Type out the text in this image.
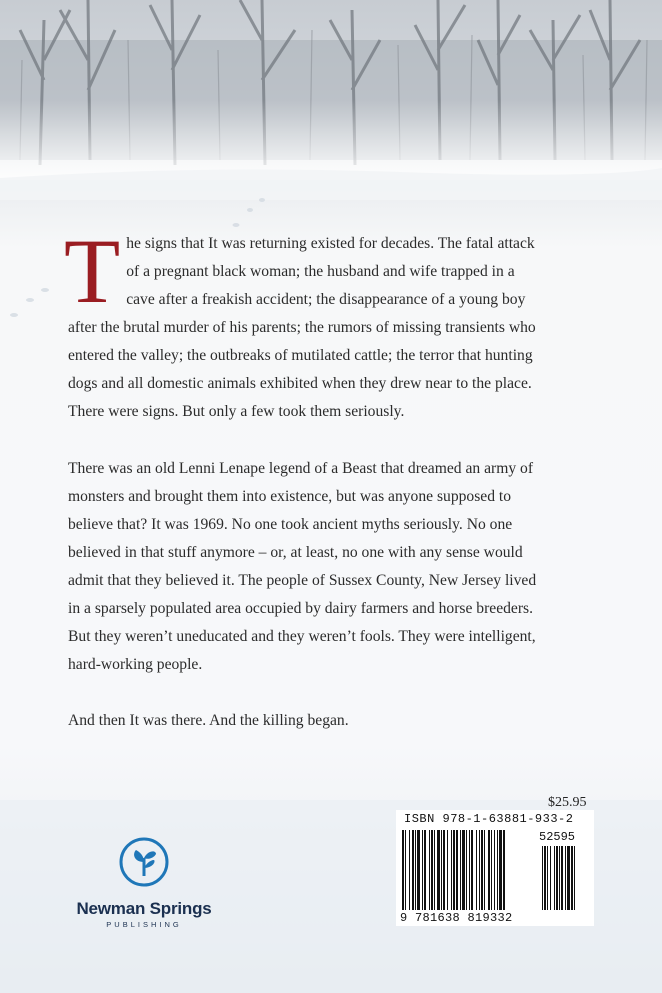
T he signs that It was returning existed for decades. The fatal attack
of a pregnant black woman; the husband and wife trapped in a
cave after a freakish accident; the disappearance of a young boy
after the brutal murder of his parents; the rumors of missing transients who
entered the valley; the outbreaks of mutilated cattle; the terror that hunting
dogs and all domestic animals exhibited when they drew near to the place.
There were signs. But only a few took them seriously.
There was an old Lenni Lenape legend of a Beast that dreamed an army of
monsters and brought them into existence, but was anyone supposed to
believe that? It was 1969. No one took ancient myths seriously. No one
believed in that stuff anymore – or, at least, no one with any sense would
admit that they believed it. The people of Sussex County, New Jersey lived
in a sparsely populated area occupied by dairy farmers and horse breeders.
But they weren’t uneducated and they weren’t fools. They were intelligent,
hard-working people.
And then It was there. And the killing began.
Newman Springs
PUBLISHING
$25.95
ISBN 978-1-63881-933-2
52595
9 781638 819332
